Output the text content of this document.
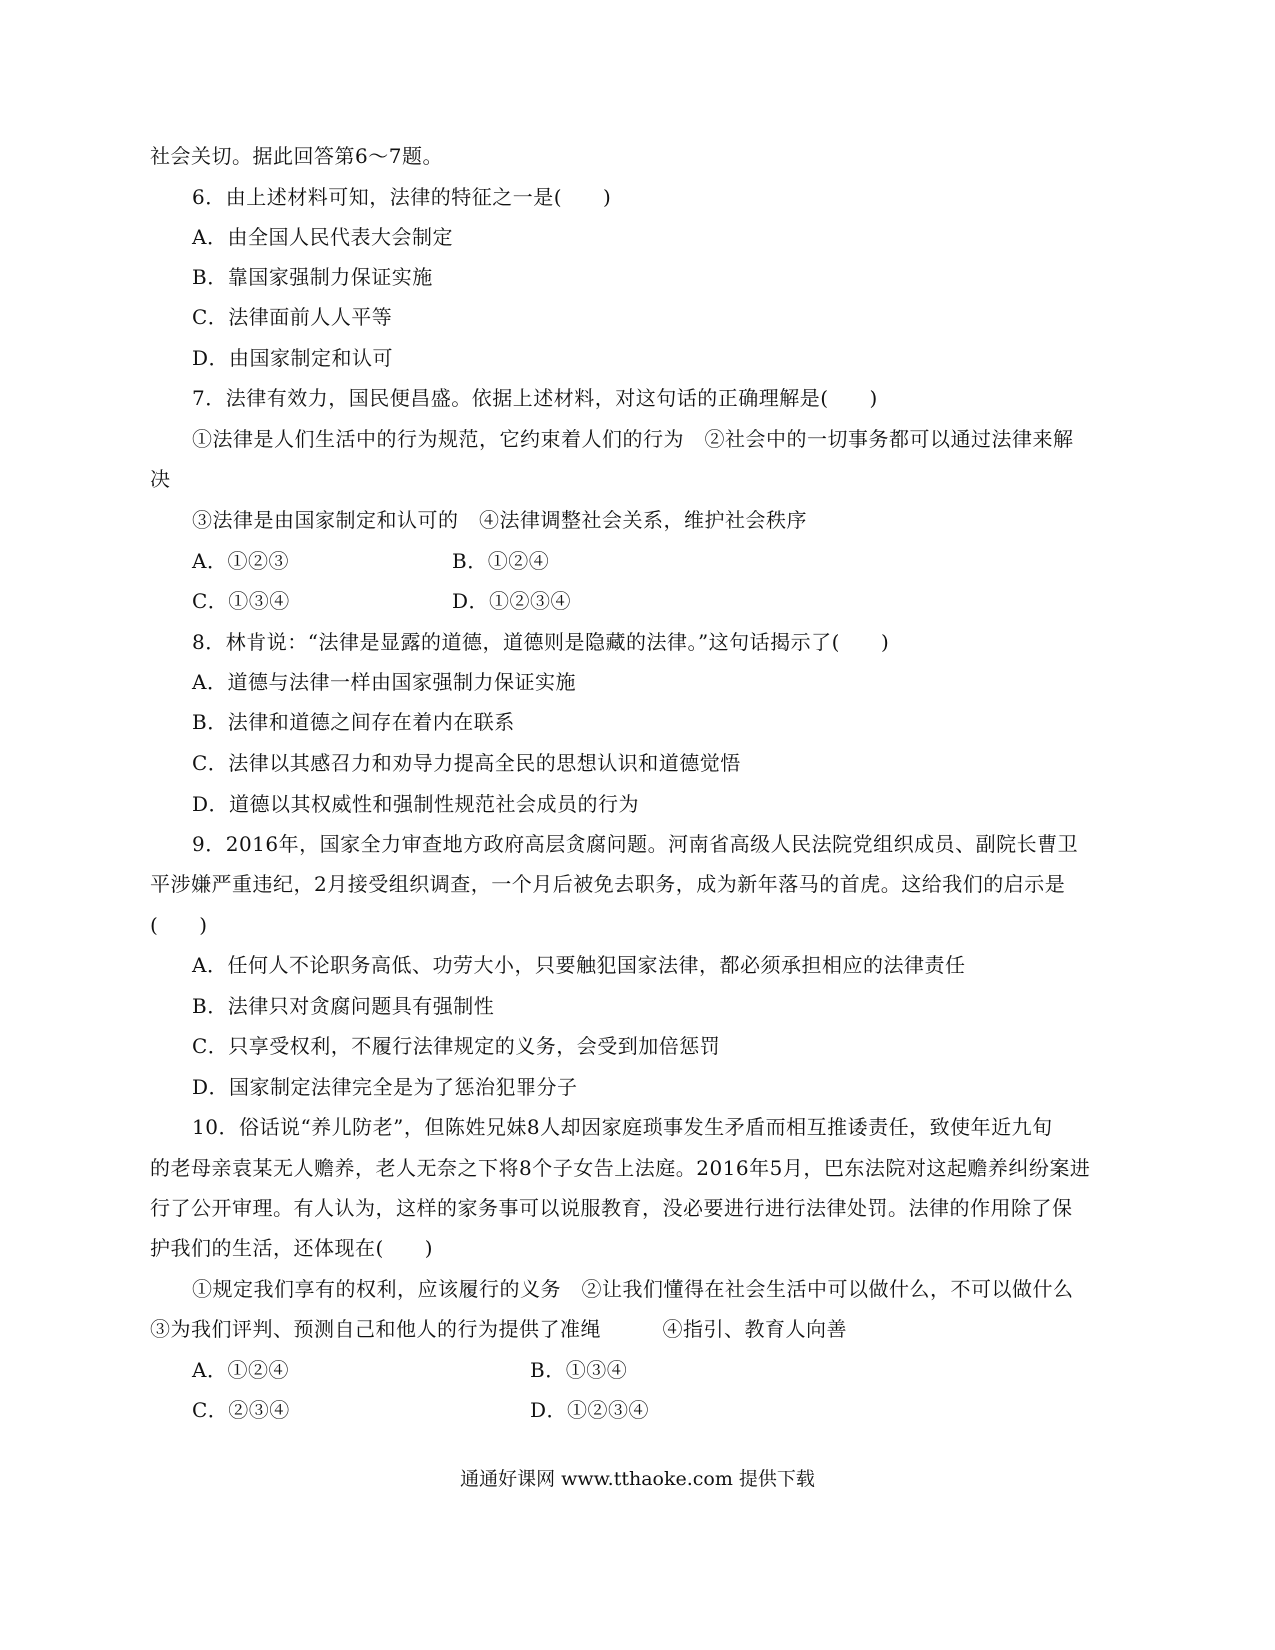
社会关切。据此回答第6～7题。
6．由上述材料可知，法律的特征之一是(　　)
A．由全国人民代表大会制定
B．靠国家强制力保证实施
C．法律面前人人平等
D．由国家制定和认可
7．法律有效力，国民便昌盛。依据上述材料，对这句话的正确理解是(　　)
①法律是人们生活中的行为规范，它约束着人们的行为　②社会中的一切事务都可以通过法律来解
决
③法律是由国家制定和认可的　④法律调整社会关系，维护社会秩序
A．①②③	B．①②④
C．①③④	D．①②③④
8．林肯说：“法律是显露的道德，道德则是隐藏的法律。”这句话揭示了(　　)
A．道德与法律一样由国家强制力保证实施
B．法律和道德之间存在着内在联系
C．法律以其感召力和劝导力提高全民的思想认识和道德觉悟
D．道德以其权威性和强制性规范社会成员的行为
9．2016年，国家全力审查地方政府高层贪腐问题。河南省高级人民法院党组织成员、副院长曹卫
平涉嫌严重违纪，2月接受组织调查，一个月后被免去职务，成为新年落马的首虎。这给我们的启示是
(　　)
A．任何人不论职务高低、功劳大小，只要触犯国家法律，都必须承担相应的法律责任
B．法律只对贪腐问题具有强制性
C．只享受权利，不履行法律规定的义务，会受到加倍惩罚
D．国家制定法律完全是为了惩治犯罪分子
10．俗话说“养儿防老”，但陈姓兄妹8人却因家庭琐事发生矛盾而相互推诿责任，致使年近九旬
的老母亲袁某无人赡养，老人无奈之下将8个子女告上法庭。2016年5月，巴东法院对这起赡养纠纷案进
行了公开审理。有人认为，这样的家务事可以说服教育，没必要进行进行法律处罚。法律的作用除了保
护我们的生活，还体现在(　　)
①规定我们享有的权利，应该履行的义务　②让我们懂得在社会生活中可以做什么，不可以做什么
③为我们评判、预测自己和他人的行为提供了准绳　　　④指引、教育人向善
A．①②④	B．①③④
C．②③④	D．①②③④
通通好课网 www.tthaoke.com 提供下载
